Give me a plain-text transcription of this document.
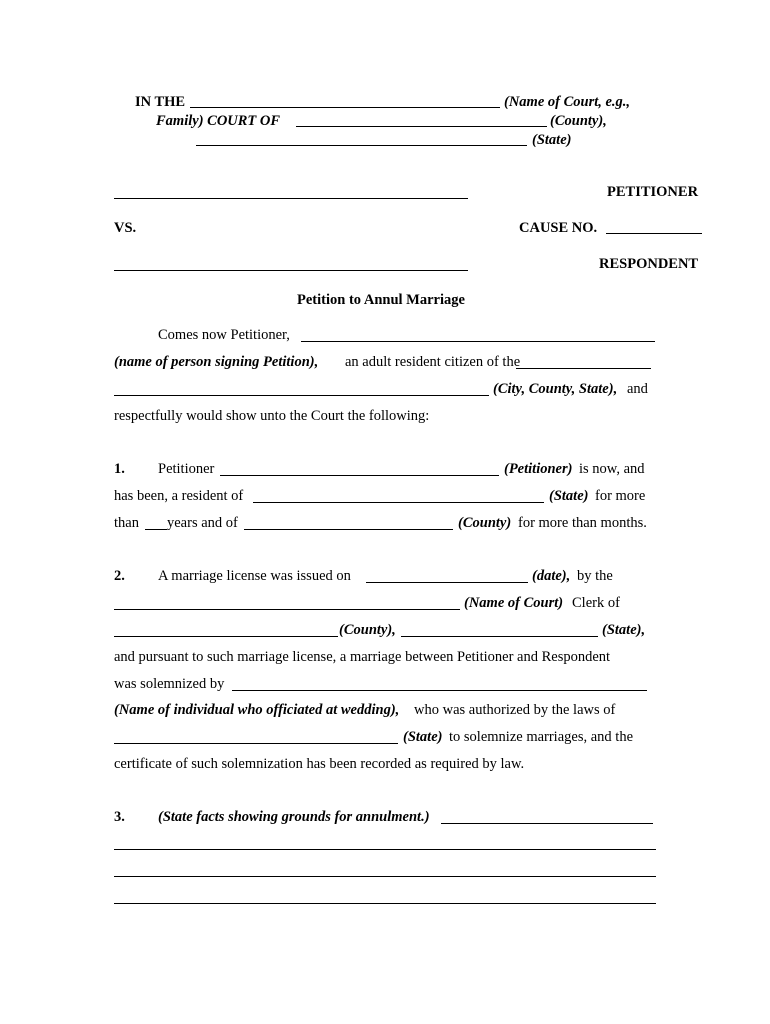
IN THE	(Name of Court, e.g.,
Family) COURT OF	(County),
(State)
PETITIONER
VS.	CAUSE NO.
RESPONDENT
Petition to Annul Marriage
Comes now Petitioner,
(name of person signing Petition), an adult resident citizen of the
(City, County, State), and
respectfully would show unto the Court the following:
1. Petitioner	(Petitioner) is now, and
has been, a resident of	(State) for more
than years and of	(County) for more than months.
2. A marriage license was issued on	(date), by the
(Name of Court) Clerk of
(County),	(State),
and pursuant to such marriage license, a marriage between Petitioner and Respondent
was solemnized by
(Name of individual who officiated at wedding), who was authorized by the laws of
(State) to solemnize marriages, and the
certificate of such solemnization has been recorded as required by law.
3. (State facts showing grounds for annulment.)
